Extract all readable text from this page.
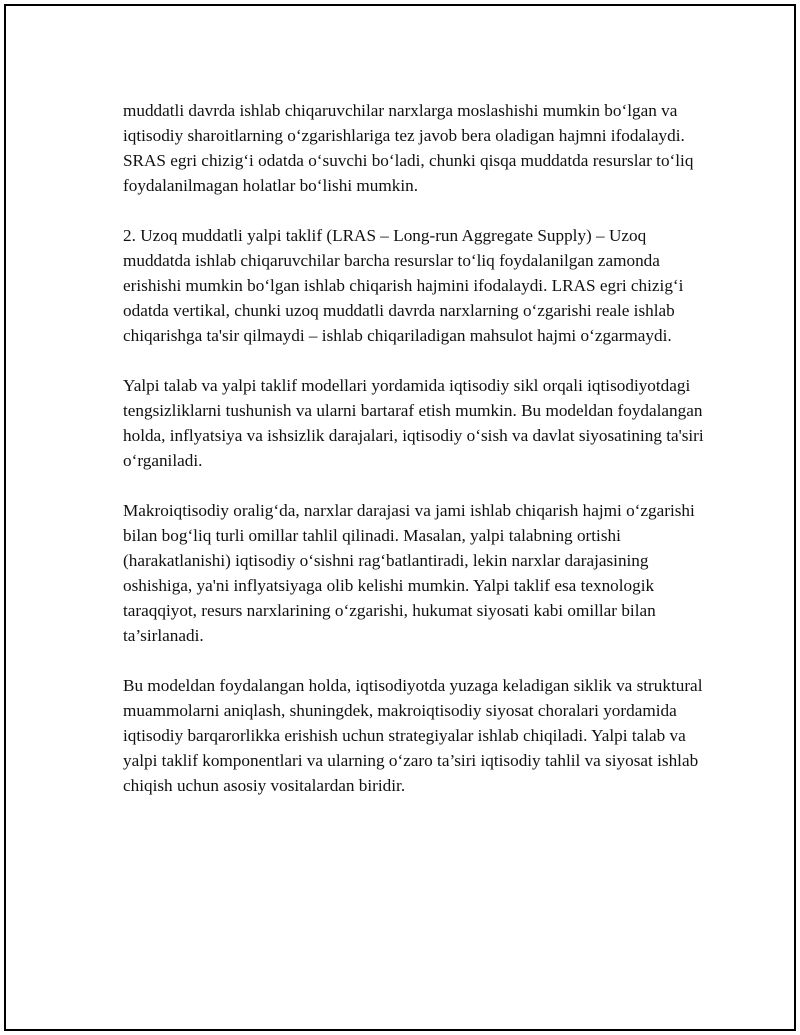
muddatli davrda ishlab chiqaruvchilar narxlarga moslashishi mumkin bo‘lgan va iqtisodiy sharoitlarning o‘zgarishlariga tez javob bera oladigan hajmni ifodalaydi. SRAS egri chizig‘i odatda o‘suvchi bo‘ladi, chunki qisqa muddatda resurslar to‘liq foydalanilmagan holatlar bo‘lishi mumkin.

2. Uzoq muddatli yalpi taklif (LRAS – Long-run Aggregate Supply) – Uzoq muddatda ishlab chiqaruvchilar barcha resurslar to‘liq foydalanilgan zamonda erishishi mumkin bo‘lgan ishlab chiqarish hajmini ifodalaydi. LRAS egri chizig‘i odatda vertikal, chunki uzoq muddatli davrda narxlarning o‘zgarishi reale ishlab chiqarishga ta'sir qilmaydi – ishlab chiqariladigan mahsulot hajmi o‘zgarmaydi.

Yalpi talab va yalpi taklif modellari yordamida iqtisodiy sikl orqali iqtisodiyotdagi tengsizliklarni tushunish va ularni bartaraf etish mumkin. Bu modeldan foydalangan holda, inflyatsiya va ishsizlik darajalari, iqtisodiy o‘sish va davlat siyosatining ta'siri o‘rganiladi.

Makroiqtisodiy oralig‘da, narxlar darajasi va jami ishlab chiqarish hajmi o‘zgarishi bilan bog‘liq turli omillar tahlil qilinadi. Masalan, yalpi talabning ortishi (harakatlanishi) iqtisodiy o‘sishni rag‘batlantiradi, lekin narxlar darajasining oshishiga, ya'ni inflyatsiyaga olib kelishi mumkin. Yalpi taklif esa texnologik taraqqiyot, resurs narxlarining o‘zgarishi, hukumat siyosati kabi omillar bilan ta’sirlanadi.

Bu modeldan foydalangan holda, iqtisodiyotda yuzaga keladigan siklik va struktural muammolarni aniqlash, shuningdek, makroiqtisodiy siyosat choralari yordamida iqtisodiy barqarorlikka erishish uchun strategiyalar ishlab chiqiladi. Yalpi talab va yalpi taklif komponentlari va ularning o‘zaro ta’siri iqtisodiy tahlil va siyosat ishlab chiqish uchun asosiy vositalardan biridir.
